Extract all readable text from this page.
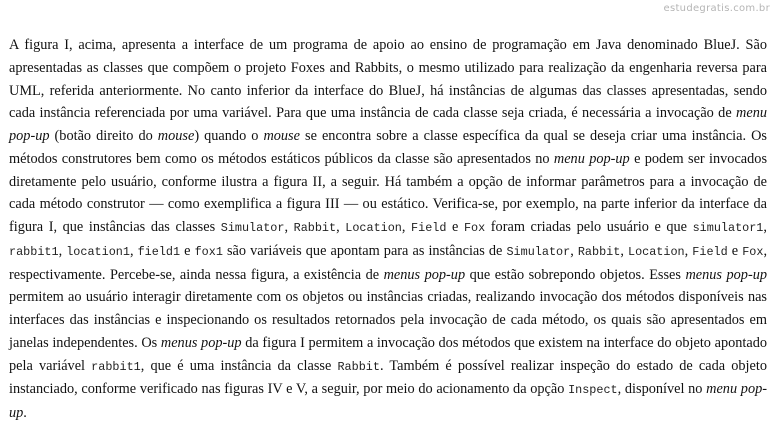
estudegratis.com.br

A figura I, acima, apresenta a interface de um programa de apoio ao ensino de programação em Java denominado BlueJ. São apresentadas as classes que compõem o projeto Foxes and Rabbits, o mesmo utilizado para realização da engenharia reversa para UML, referida anteriormente. No canto inferior da interface do BlueJ, há instâncias de algumas das classes apresentadas, sendo cada instância referenciada por uma variável. Para que uma instância de cada classe seja criada, é necessária a invocação de menu pop-up (botão direito do mouse) quando o mouse se encontra sobre a classe específica da qual se deseja criar uma instância. Os métodos construtores bem como os métodos estáticos públicos da classe são apresentados no menu pop-up e podem ser invocados diretamente pelo usuário, conforme ilustra a figura II, a seguir. Há também a opção de informar parâmetros para a invocação de cada método construtor — como exemplifica a figura III — ou estático. Verifica-se, por exemplo, na parte inferior da interface da figura I, que instâncias das classes Simulator, Rabbit, Location, Field e Fox foram criadas pelo usuário e que simulator1, rabbit1, location1, field1 e fox1 são variáveis que apontam para as instâncias de Simulator, Rabbit, Location, Field e Fox, respectivamente. Percebe-se, ainda nessa figura, a existência de menus pop-up que estão sobrepondo objetos. Esses menus pop-up permitem ao usuário interagir diretamente com os objetos ou instâncias criadas, realizando invocação dos métodos disponíveis nas interfaces das instâncias e inspecionando os resultados retornados pela invocação de cada método, os quais são apresentados em janelas independentes. Os menus pop-up da figura I permitem a invocação dos métodos que existem na interface do objeto apontado pela variável rabbit1, que é uma instância da classe Rabbit. Também é possível realizar inspeção do estado de cada objeto instanciado, conforme verificado nas figuras IV e V, a seguir, por meio do acionamento da opção Inspect, disponível no menu pop-up.
